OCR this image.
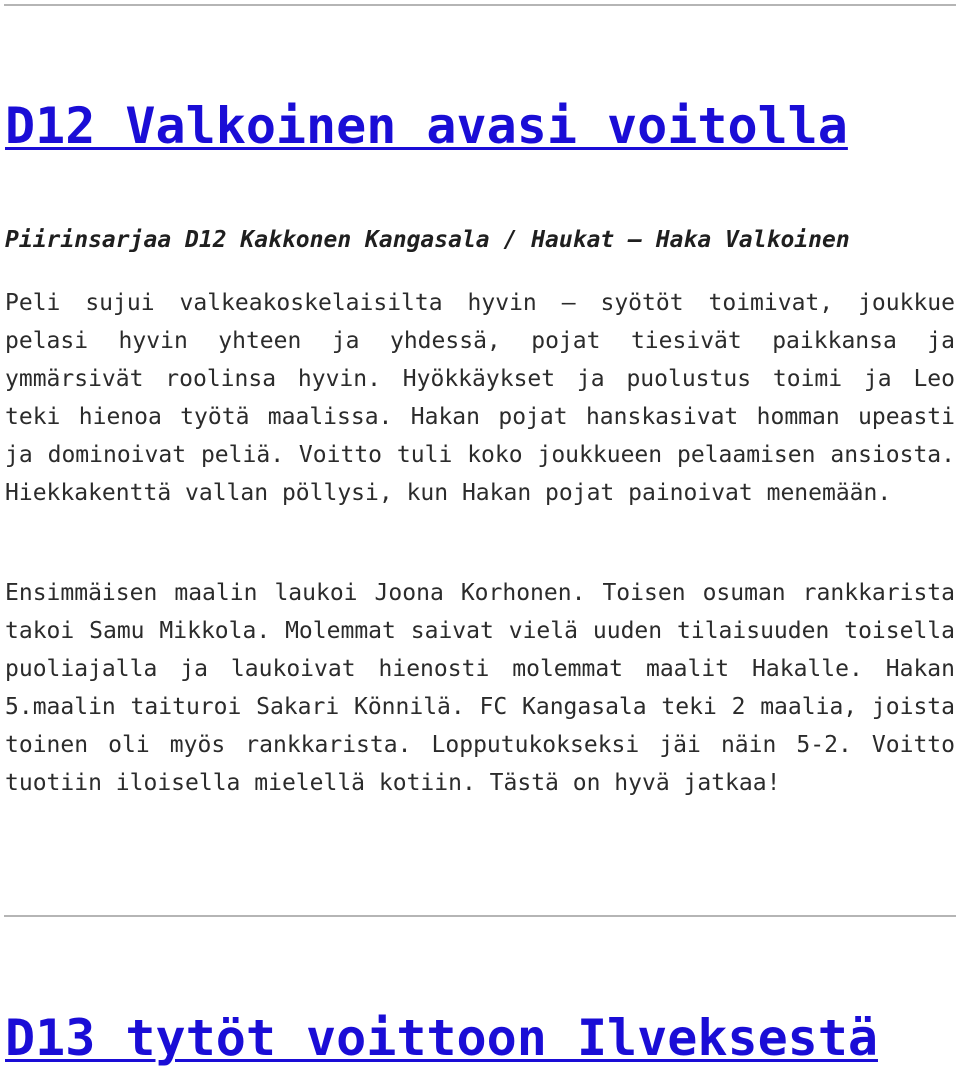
D12 Valkoinen avasi voitolla

Piirinsarjaa D12 Kakkonen Kangasala / Haukat – Haka Valkoinen

Peli sujui valkeakoskelaisilta hyvin – syötöt toimivat, joukkue pelasi hyvin yhteen ja yhdessä, pojat tiesivät paikkansa ja ymmärsivät roolinsa hyvin. Hyökkäykset ja puolustus toimi ja Leo teki hienoa työtä maalissa. Hakan pojat hanskasivat homman upeasti ja dominoivat peliä. Voitto tuli koko joukkueen pelaamisen ansiosta. Hiekkakenttä vallan pöllysi, kun Hakan pojat painoivat menemään.

Ensimmäisen maalin laukoi Joona Korhonen. Toisen osuman rankkarista takoi Samu Mikkola. Molemmat saivat vielä uuden tilaisuuden toisella puoliajalla ja laukoivat hienosti molemmat maalit Hakalle. Hakan 5.maalin taituroi Sakari Könnilä. FC Kangasala teki 2 maalia, joista toinen oli myös rankkarista. Lopputukokseksi jäi näin 5-2. Voitto tuotiin iloisella mielellä kotiin. Tästä on hyvä jatkaa!

D13 tytöt voittoon Ilveksestä
